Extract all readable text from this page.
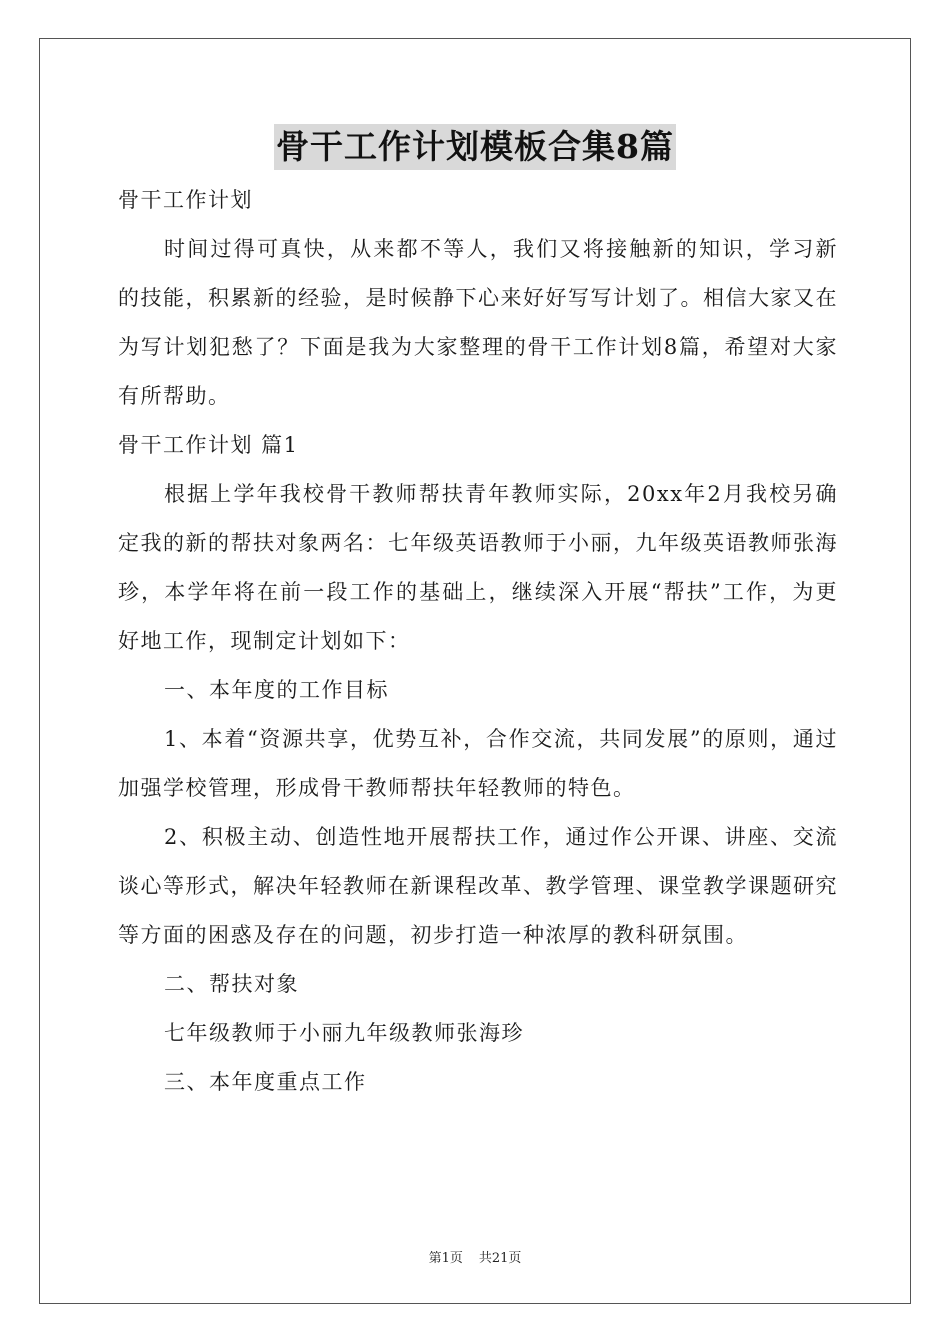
骨干工作计划模板合集8篇

骨干工作计划

时间过得可真快，从来都不等人，我们又将接触新的知识，学习新的技能，积累新的经验，是时候静下心来好好写写计划了。相信大家又在为写计划犯愁了？下面是我为大家整理的骨干工作计划8篇，希望对大家有所帮助。

骨干工作计划 篇1

根据上学年我校骨干教师帮扶青年教师实际，20xx年2月我校另确定我的新的帮扶对象两名：七年级英语教师于小丽，九年级英语教师张海珍，本学年将在前一段工作的基础上，继续深入开展“帮扶”工作，为更好地工作，现制定计划如下：

一、本年度的工作目标

1、本着“资源共享，优势互补，合作交流，共同发展”的原则，通过加强学校管理，形成骨干教师帮扶年轻教师的特色。

2、积极主动、创造性地开展帮扶工作，通过作公开课、讲座、交流谈心等形式，解决年轻教师在新课程改革、教学管理、课堂教学课题研究等方面的困惑及存在的问题，初步打造一种浓厚的教科研氛围。

二、帮扶对象

七年级教师于小丽九年级教师张海珍

三、本年度重点工作

第1页 共21页
